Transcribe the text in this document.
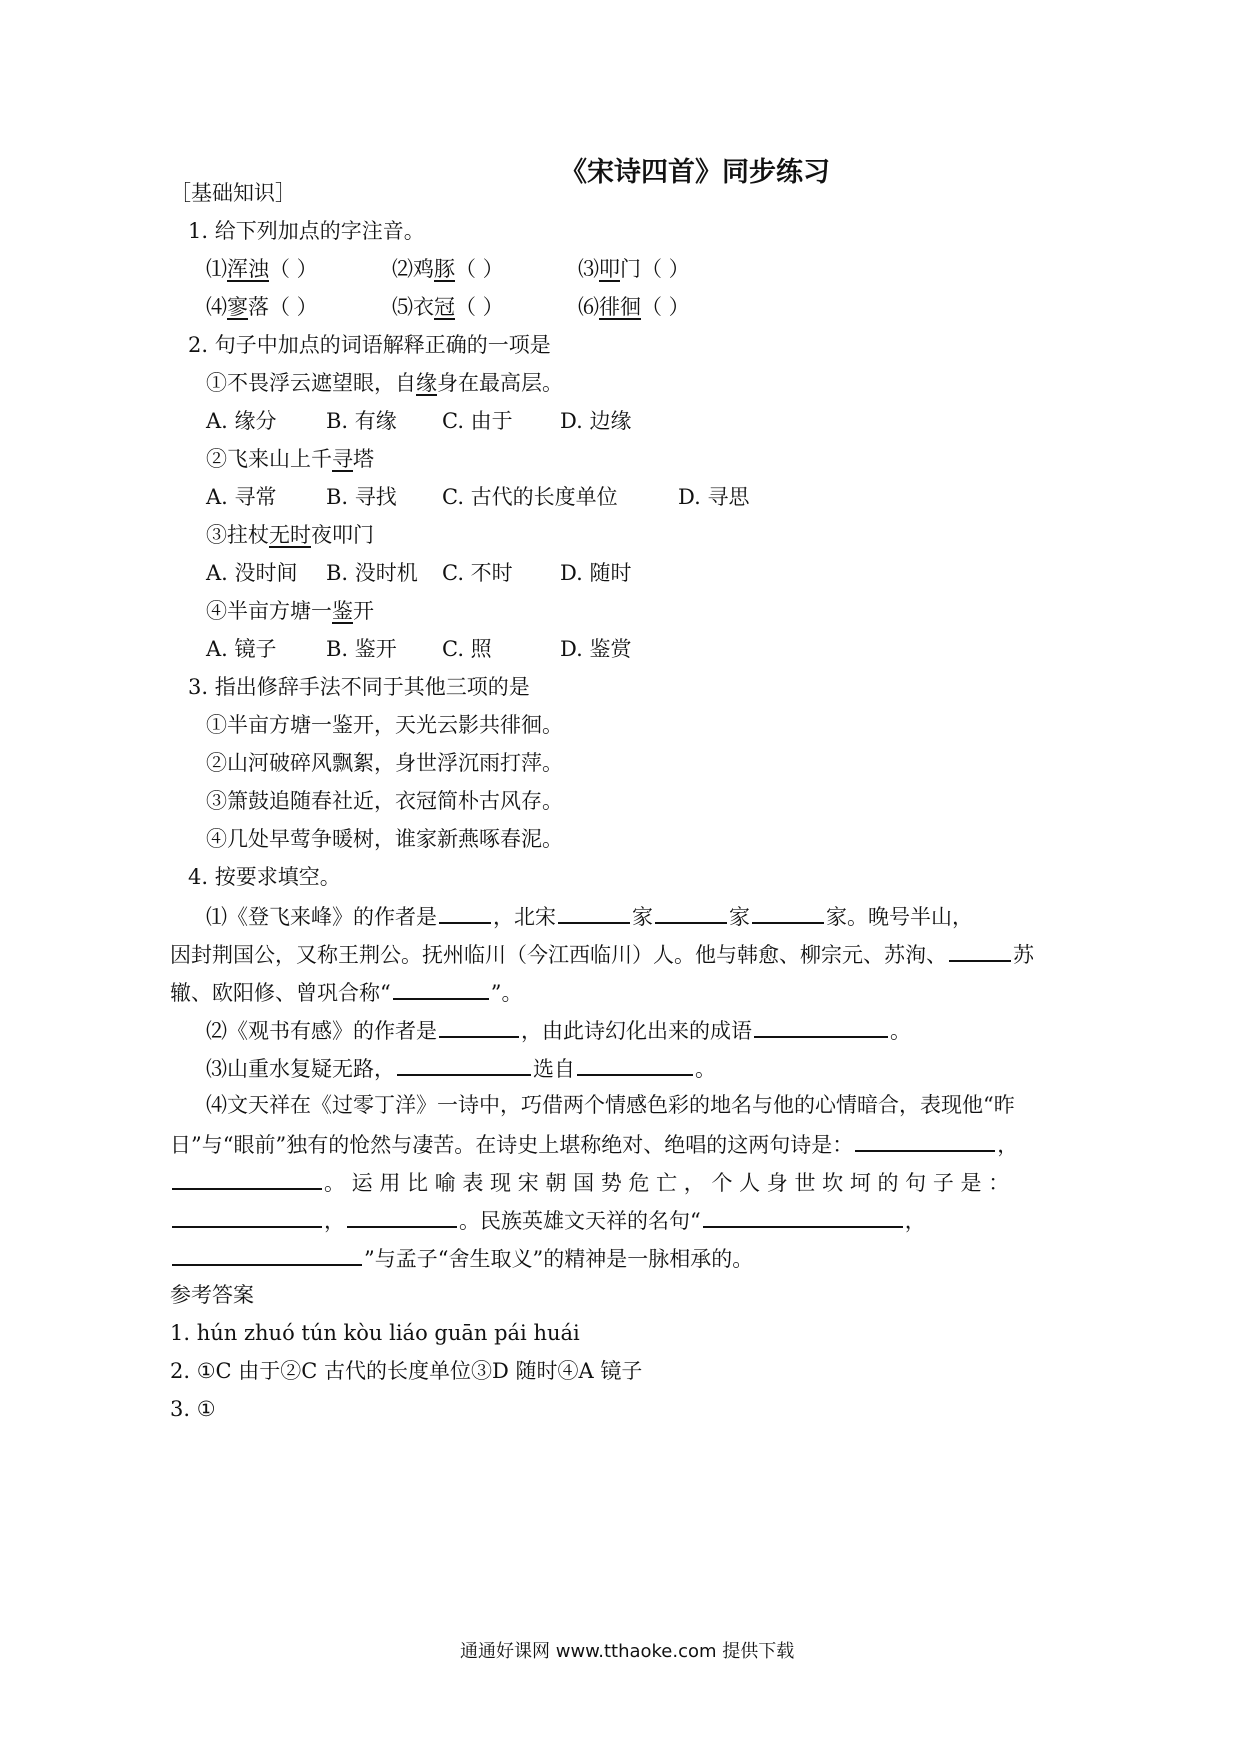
《宋诗四首》同步练习
［基础知识］
1. 给下列加点的字注音。
⑴浑浊（ ）	⑵鸡豚（ ）	⑶叩门（ ）
⑷寥落（ ）	⑸衣冠（ ）	⑹徘徊（ ）
2. 句子中加点的词语解释正确的一项是
①不畏浮云遮望眼，自缘身在最高层。
A. 缘分 B. 有缘 C. 由于 D. 边缘
②飞来山上千寻塔
A. 寻常 B. 寻找 C. 古代的长度单位	D. 寻思
③拄杖无时夜叩门
A. 没时间 B. 没时机 C. 不时 D. 随时
④半亩方塘一鉴开
A. 镜子 B. 鉴开 C. 照	D. 鉴赏
3. 指出修辞手法不同于其他三项的是
①半亩方塘一鉴开，天光云影共徘徊。
②山河破碎风飘絮，身世浮沉雨打萍。
③箫鼓追随春社近，衣冠简朴古风存。
④几处早莺争暖树，谁家新燕啄春泥。
4. 按要求填空。
⑴《登飞来峰》的作者是	，北宋	家	家	家。晚号半山，
因封荆国公，又称王荆公。抚州临川（今江西临川）人。他与韩愈、柳宗元、苏洵、	苏
辙、欧阳修、曾巩合称“	”。
⑵《观书有感》的作者是	，由此诗幻化出来的成语	。
⑶山重水复疑无路，	选自	。
⑷文天祥在《过零丁洋》一诗中，巧借两个情感色彩的地名与他的心情暗合，表现他“昨
日”与“眼前”独有的怆然与凄苦。在诗史上堪称绝对、绝唱的这两句诗是：	，
。 运 用 比 喻 表 现 宋 朝 国 势 危 亡 ， 个 人 身 世 坎 坷 的 句 子 是 ：
，	。民族英雄文天祥的名句“	，
”与孟子“舍生取义”的精神是一脉相承的。
参考答案
1. hún zhuó tún kòu liáo guān pái huái
2. ①C 由于②C 古代的长度单位③D 随时④A 镜子
3. ①
通通好课网 www.tthaoke.com 提供下载
